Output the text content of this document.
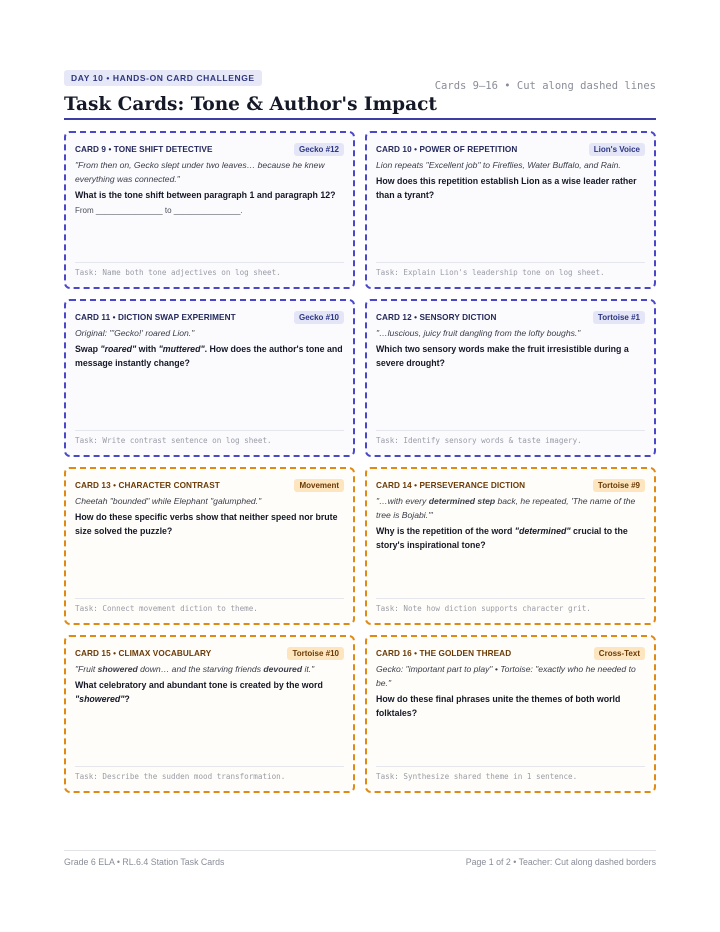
DAY 10 • HANDS-ON CARD CHALLENGE
Task Cards: Tone & Author's Impact
Cards 9–16 • Cut along dashed lines
CARD 9 • TONE SHIFT DETECTIVE	Gecko #12
"From then on, Gecko slept under two leaves… because he knew everything was connected."
What is the tone shift between paragraph 1 and paragraph 12?
From _______________ to _______________.
Task: Name both tone adjectives on log sheet.
CARD 10 • POWER OF REPETITION	Lion's Voice
Lion repeats "Excellent job" to Fireflies, Water Buffalo, and Rain.
How does this repetition establish Lion as a wise leader rather than a tyrant?
Task: Explain Lion's leadership tone on log sheet.
CARD 11 • DICTION SWAP EXPERIMENT	Gecko #10
Original: "'Gecko!' roared Lion."
Swap "roared" with "muttered". How does the author's tone and message instantly change?
Task: Write contrast sentence on log sheet.
CARD 12 • SENSORY DICTION	Tortoise #1
"…luscious, juicy fruit dangling from the lofty boughs."
Which two sensory words make the fruit irresistible during a severe drought?
Task: Identify sensory words & taste imagery.
CARD 13 • CHARACTER CONTRAST	Movement
Cheetah "bounded" while Elephant "galumphed."
How do these specific verbs show that neither speed nor brute size solved the puzzle?
Task: Connect movement diction to theme.
CARD 14 • PERSEVERANCE DICTION	Tortoise #9
"…with every determined step back, he repeated, 'The name of the tree is Bojabi.'"
Why is the repetition of the word "determined" crucial to the story's inspirational tone?
Task: Note how diction supports character grit.
CARD 15 • CLIMAX VOCABULARY	Tortoise #10
"Fruit showered down… and the starving friends devoured it."
What celebratory and abundant tone is created by the word "showered"?
Task: Describe the sudden mood transformation.
CARD 16 • THE GOLDEN THREAD	Cross-Text
Gecko: "important part to play" • Tortoise: "exactly who he needed to be."
How do these final phrases unite the themes of both world folktales?
Task: Synthesize shared theme in 1 sentence.
Grade 6 ELA • RL.6.4 Station Task Cards	Page 1 of 2 • Teacher: Cut along dashed borders
